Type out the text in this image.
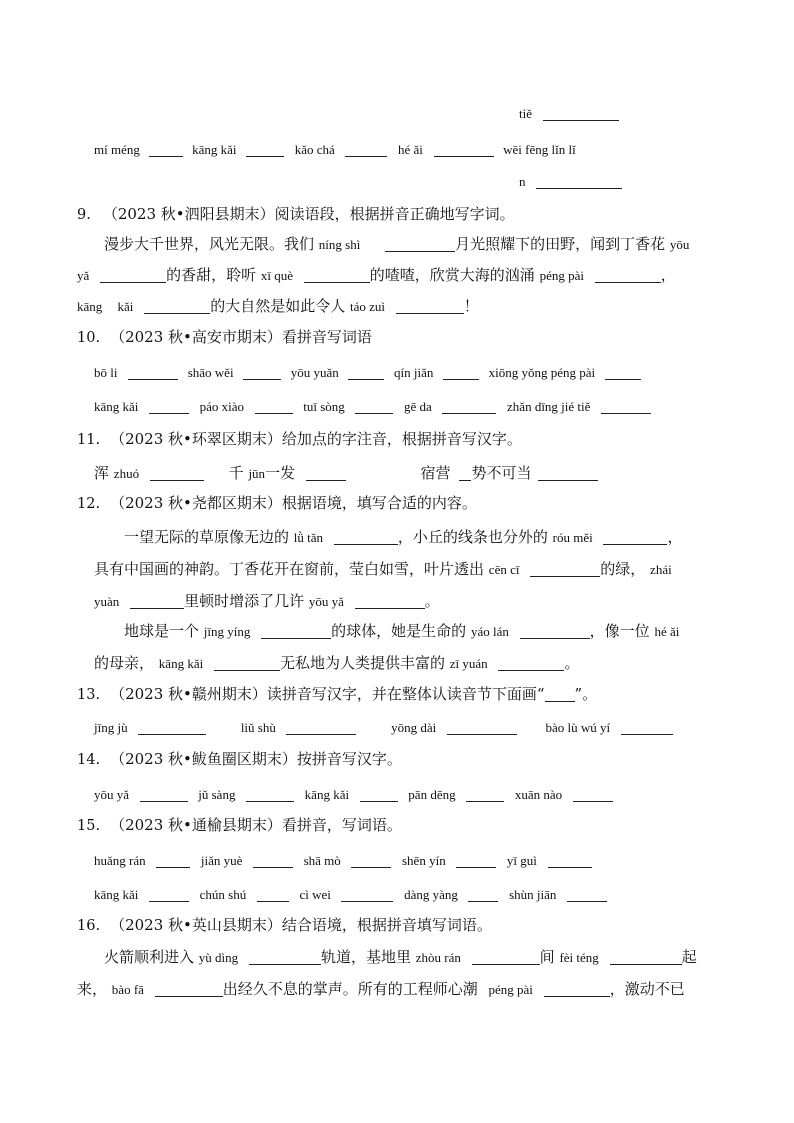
tiě
mí méng	kāng kǎi	kǎo chá	hé ǎi	wēi fēng lǐn lǐ
n
9. （2023 秋•泗阳县期末）阅读语段，根据拼音正确地写字词。
漫步大千世界，风光无限。我们 níng shì	月光照耀下的田野，闻到丁香花 yōu
yǎ	的香甜，聆听 xī què	的喳喳，欣赏大海的汹涌 péng pài	，
kāng kǎi	的大自然是如此令人 táo zuì	！
10. （2023 秋•高安市期末）看拼音写词语
bō li	shāo wěi	yōu yuǎn	qín jiǎn	xiōng yǒng péng pài
kāng kǎi	páo xiào	tuī sòng	gē da	zhǎn dīng jié tiě
11. （2023 秋•环翠区期末）给加点的字注音，根据拼音写汉字。
浑 zhuó	千 jūn一发	宿营 势不可当
12. （2023 秋•尧都区期末）根据语境，填写合适的内容。
一望无际的草原像无边的 lǜ tǎn	，小丘的线条也分外的 róu měi	，
具有中国画的神韵。丁香花开在窗前，莹白如雪，叶片透出 cēn cī	的绿， zhái
yuàn	里顿时增添了几许 yōu yǎ	。
地球是一个 jīng yíng	的球体，她是生命的 yáo lán	，像一位 hé ǎi
的母亲， kāng kǎi	无私地为人类提供丰富的 zī yuán	。
13. （2023 秋•赣州期末）读拼音写汉字，并在整体认读音节下面画“ ”。
jīng jù	liǔ shù	yōng dài	bào lù wú yí
14. （2023 秋•鲅鱼圈区期末）按拼音写汉字。
yōu yǎ	jǔ sàng	kāng kǎi	pān dēng	xuān nào
15. （2023 秋•通榆县期末）看拼音，写词语。
huǎng rán	jiǎn yuè	shā mò	shēn yín	yī guì
kāng kǎi	chún shú	cì wei	dàng yàng	shùn jiān
16. （2023 秋•英山县期末）结合语境，根据拼音填写词语。
火箭顺利进入 yù dìng	轨道，基地里 zhòu rán	间 fèi téng	起
来， bào fā	出经久不息的掌声。所有的工程师心潮 péng pài	，激动不已
